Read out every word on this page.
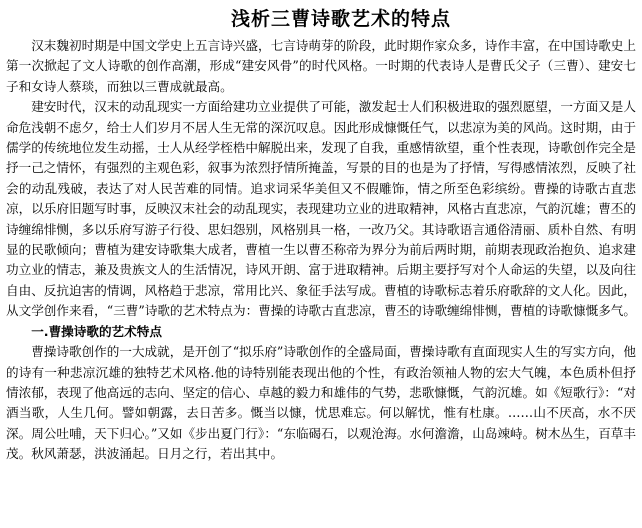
浅析三曹诗歌艺术的特点

汉末魏初时期是中国文学史上五言诗兴盛，七言诗萌芽的阶段，此时期作家众多，诗作丰富，在中国诗歌史上第一次掀起了文人诗歌的创作高潮，形成“建安风骨”的时代风格。一时期的代表诗人是曹氏父子（三曹）、建安七子和女诗人蔡琰，而独以三曹成就最高。

建安时代，汉末的动乱现实一方面给建功立业提供了可能，激发起士人们积极进取的强烈愿望，一方面又是人命危浅朝不虑夕，给士人们岁月不居人生无常的深沉叹息。因此形成慷慨任气，以悲凉为美的风尚。这时期，由于儒学的传统地位发生动摇，士人从经学桎梏中解脱出来，发现了自我，重感情欲望，重个性表现，诗歌创作完全是抒一己之情怀，有强烈的主观色彩，叙事为浓烈抒情所掩盖，写景的目的也是为了抒情，写得感情浓烈，反映了社会的动乱残破，表达了对人民苦难的同情。追求词采华美但又不假雕饰，情之所至色彩缤纷。曹操的诗歌古直悲凉，以乐府旧题写时事，反映汉末社会的动乱现实，表现建功立业的进取精神，风格古直悲凉，气韵沉雄；曹丕的诗缠绵悱恻，多以乐府写游子行役、思妇怨别，风格别具一格，一改乃父。其诗歌语言通俗清丽、质朴自然、有明显的民歌倾向；曹植为建安诗歌集大成者，曹植一生以曹丕称帝为界分为前后两时期，前期表现政治抱负、追求建功立业的情志，兼及贵族文人的生活情况，诗风开朗、富于进取精神。后期主要抒写对个人命运的失望，以及向往自由、反抗迫害的情调，风格趋于悲凉，常用比兴、象征手法写成。曹植的诗歌标志着乐府歌辞的文人化。因此，从文学创作来看，“三曹”诗歌的艺术特点为：曹操的诗歌古直悲凉，曹丕的诗歌缠绵悱恻，曹植的诗歌慷慨多气。

一.曹操诗歌的艺术特点

曹操诗歌创作的一大成就，是开创了“拟乐府”诗歌创作的全盛局面，曹操诗歌有直面现实人生的写实方向，他的诗有一种悲凉沉雄的独特艺术风格.他的诗特别能表现出他的个性，有政治领袖人物的宏大气魄，本色质朴但抒情浓郁，表现了他高远的志向、坚定的信心、卓越的毅力和雄伟的气势，悲歌慷慨，气韵沉雄。如《短歌行》：“对酒当歌，人生几何。譬如朝露，去日苦多。慨当以慷，忧思难忘。何以解忧，惟有杜康。……山不厌高，水不厌深。周公吐哺，天下归心。”又如《步出夏门行》：“东临碣石，以观沧海。水何澹澹，山岛竦峙。树木丛生，百草丰茂。秋风萧瑟，洪波涌起。日月之行，若出其中。
